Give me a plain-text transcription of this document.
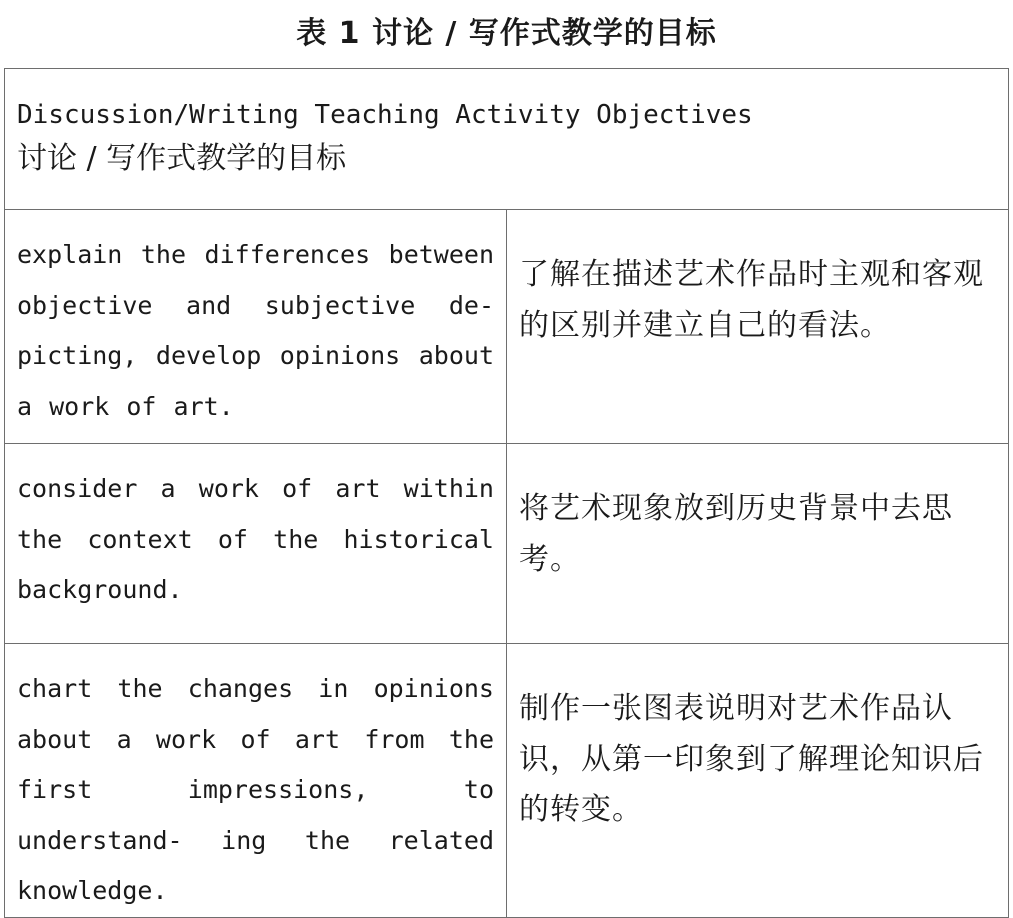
表 1 讨论 / 写作式教学的目标
Discussion/Writing Teaching Activity Objectives
讨论 / 写作式教学的目标	

explain the differences between objective and subjective de- picting, develop opinions about a work of art.	了解在描述艺术作品时主观和客观的区别并建立自己的看法。

consider a work of art within the context of the historical background.	将艺术现象放到历史背景中去思考。

chart the changes in opinions about a work of art from the first impressions, to understand- ing the related knowledge.	制作一张图表说明对艺术作品认识，从第一印象到了解理论知识后的转变。
